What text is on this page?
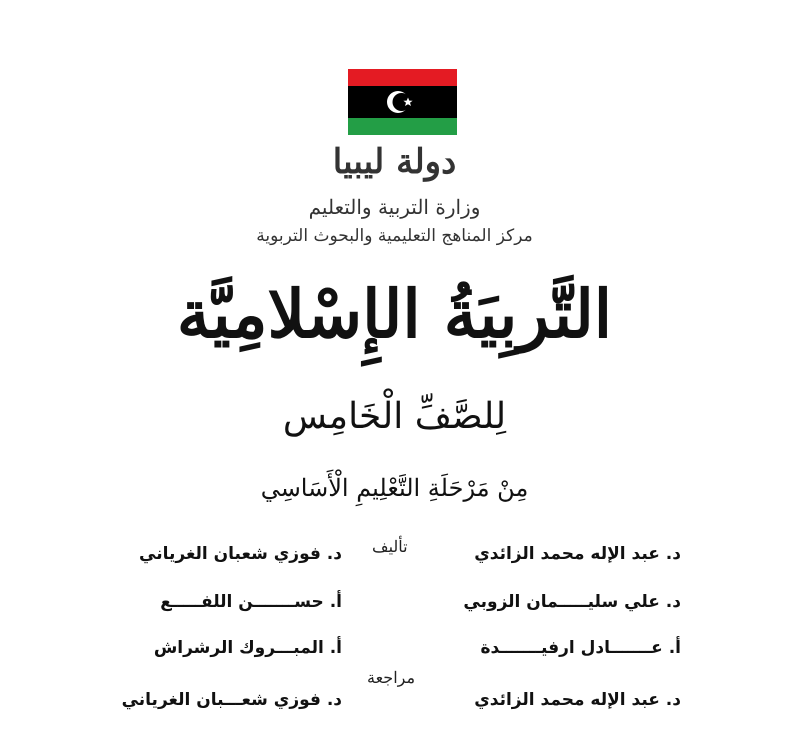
دولة ليبيا
وزارة التربية والتعليم
مركز المناهج التعليمية والبحوث التربوية
التَّربِيَةُ الإِسْلامِيَّة
لِلصَّفِّ الْخَامِس
مِنْ مَرْحَلَةِ التَّعْلِيمِ الْأَسَاسِي
تأليف	د. عبد الإله محمد الزائدي
د. فوزي شعبان الغرياني
د. علي سليـــــمان الزوبي
أ. حســـــــن اللفـــــع
أ. عـــــــادل ارفيـــــــدة
أ. المبـــروك الرشراش
مراجعة
د. عبد الإله محمد الزائدي
د. فوزي شعـــبان الغرياني
